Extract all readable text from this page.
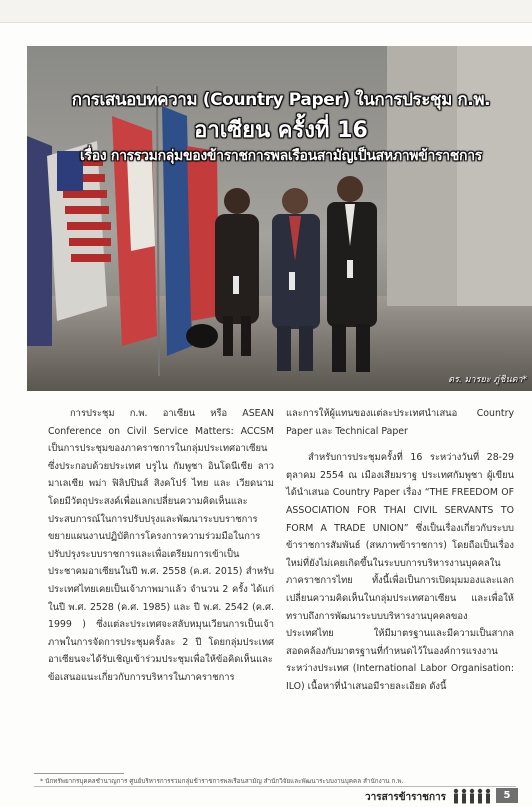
การเสนอบทความ (Country Paper) ในการประชุม ก.พ.
อาเซียน ครั้งที่ 16
เรื่อง การรวมกลุ่มของข้าราชการพลเรือนสามัญเป็นสหภาพข้าราชการ
ดร. มารยะ ภู่ชินดา*

การประชุม ก.พ. อาเซียน หรือ ASEAN Conference on Civil Service Matters: ACCSM เป็นการประชุมของภาคราชการในกลุ่มประเทศอาเซียน ซึ่งประกอบด้วยประเทศ บรูไน กัมพูชา อินโดนีเซีย ลาว มาเลเซีย พม่า ฟิลิปปินส์ สิงคโปร์ ไทย และ เวียดนาม โดยมีวัตถุประสงค์เพื่อแลกเปลี่ยนความคิดเห็นและประสบการณ์ในการปรับปรุงและพัฒนาระบบราชการ ขยายแผนงานปฏิบัติการโครงการความร่วมมือในการปรับปรุงระบบราชการและเพื่อเตรียมการเข้าเป็นประชาคมอาเซียนในปี พ.ศ. 2558 (ค.ศ. 2015) สำหรับประเทศไทยเคยเป็นเจ้าภาพมาแล้ว จำนวน 2 ครั้ง ได้แก่ ในปี พ.ศ. 2528 (ค.ศ. 1985) และ ปี พ.ศ. 2542 (ค.ศ. 1999 ) ซึ่งแต่ละประเทศจะสลับหมุนเวียนการเป็นเจ้าภาพในการจัดการประชุมครั้งละ 2 ปี โดยกลุ่มประเทศอาเซียนจะได้รับเชิญเข้าร่วมประชุมเพื่อให้ข้อคิดเห็นและข้อเสนอแนะเกี่ยวกับการบริหารในภาคราชการ

และการให้ผู้แทนของแต่ละประเทศนำเสนอ Country Paper และ Technical Paper

สำหรับการประชุมครั้งที่ 16 ระหว่างวันที่ 28-29 ตุลาคม 2554 ณ เมืองเสียมราฐ ประเทศกัมพูชา ผู้เขียนได้นำเสนอ Country Paper เรื่อง “THE FREEDOM OF ASSOCIATION FOR THAI CIVIL SERVANTS TO FORM A TRADE UNION” ซึ่งเป็นเรื่องเกี่ยวกับระบบข้าราชการสัมพันธ์ (สหภาพข้าราชการ) โดยถือเป็นเรื่องใหม่ที่ยังไม่เคยเกิดขึ้นในระบบการบริหารงานบุคคลในภาคราชการไทย ทั้งนี้เพื่อเป็นการเปิดมุมมองและแลกเปลี่ยนความคิดเห็นในกลุ่มประเทศอาเซียน และเพื่อให้ทราบถึงการพัฒนาระบบบริหารงานบุคคลของประเทศไทย ให้มีมาตรฐานและมีความเป็นสากลสอดคล้องกับมาตรฐานที่กำหนดไว้ในองค์การแรงงานระหว่างประเทศ (International Labor Organisation: ILO) เนื้อหาที่นำเสนอมีรายละเอียด ดังนี้

* นักทรัพยากรบุคคลชำนาญการ ศูนย์บริหารการรวมกลุ่มข้าราชการพลเรือนสามัญ สำนักวิจัยและพัฒนาระบบงานบุคคล สำนักงาน ก.พ.
วารสารข้าราชการ	5
